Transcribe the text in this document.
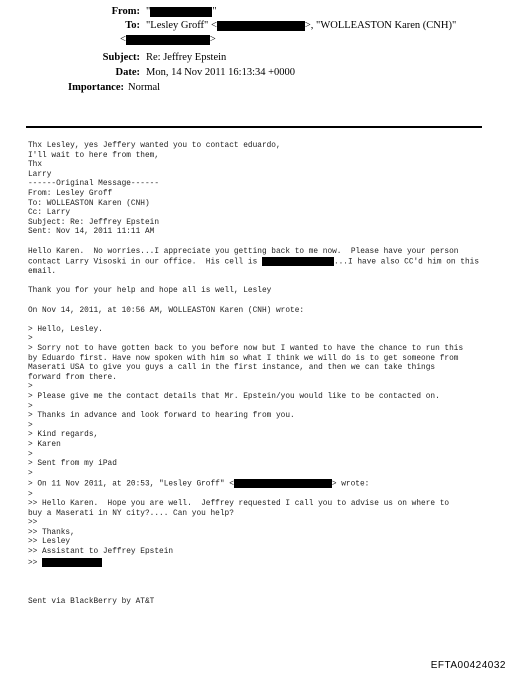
From: "	"
To: "Lesley Groff" <	>, "WOLLEASTON Karen (CNH)"
<	>
Subject: Re: Jeffrey Epstein
Date: Mon, 14 Nov 2011 16:13:34 +0000
Importance: Normal
Thx Lesley, yes Jeffery wanted you to contact eduardo,
I'll wait to here from them,
Thx
Larry
------Original Message------
From: Lesley Groff
To: WOLLEASTON Karen (CNH)
Cc: Larry
Subject: Re: Jeffrey Epstein
Sent: Nov 14, 2011 11:11 AM

Hello Karen.  No worries...I appreciate you getting back to me now.  Please have your person
contact Larry Visoski in our office.  His cell is	...I have also CC'd him on this
email.

Thank you for your help and hope all is well, Lesley

On Nov 14, 2011, at 10:56 AM, WOLLEASTON Karen (CNH) wrote:

> Hello, Lesley.
>
> Sorry not to have gotten back to you before now but I wanted to have the chance to run this
by Eduardo first. Have now spoken with him so what I think we will do is to get someone from
Maserati USA to give you guys a call in the first instance, and then we can take things
forward from there.
>
> Please give me the contact details that Mr. Epstein/you would like to be contacted on.
>
> Thanks in advance and look forward to hearing from you.
>
> Kind regards,
> Karen
>
> Sent from my iPad
>
> On 11 Nov 2011, at 20:53, "Lesley Groff" <	> wrote:
>
>> Hello Karen.  Hope you are well.  Jeffrey requested I call you to advise us on where to
buy a Maserati in NY city?.... Can you help?
>>
>> Thanks,
>> Lesley
>> Assistant to Jeffrey Epstein
>>

Sent via BlackBerry by AT&T
EFTA00424032
